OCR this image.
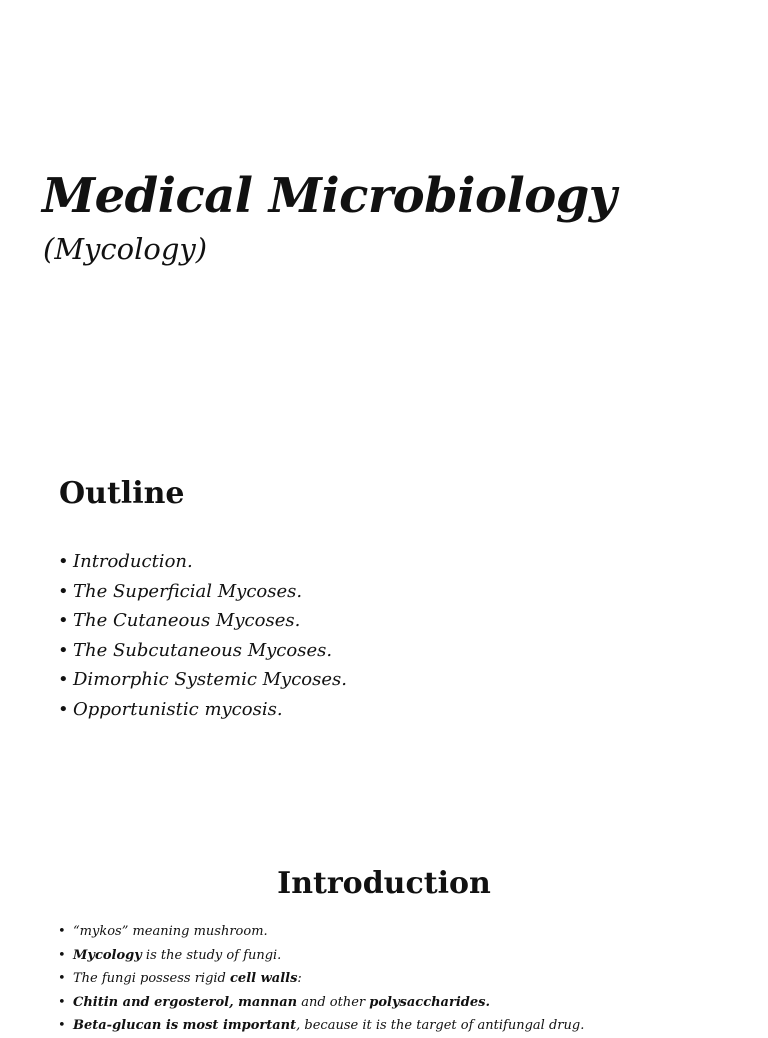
Medical Microbiology
(Mycology)
Outline
• Introduction.
• The Superficial Mycoses.
• The Cutaneous Mycoses.
• The Subcutaneous Mycoses.
• Dimorphic Systemic Mycoses.
• Opportunistic mycosis.
Introduction
• “mykos” meaning mushroom.
• Mycology is the study of fungi.
• The fungi possess rigid cell walls:
• Chitin and ergosterol, mannan and other polysaccharides.
• Beta-glucan is most important, because it is the target of antifungal drug.
